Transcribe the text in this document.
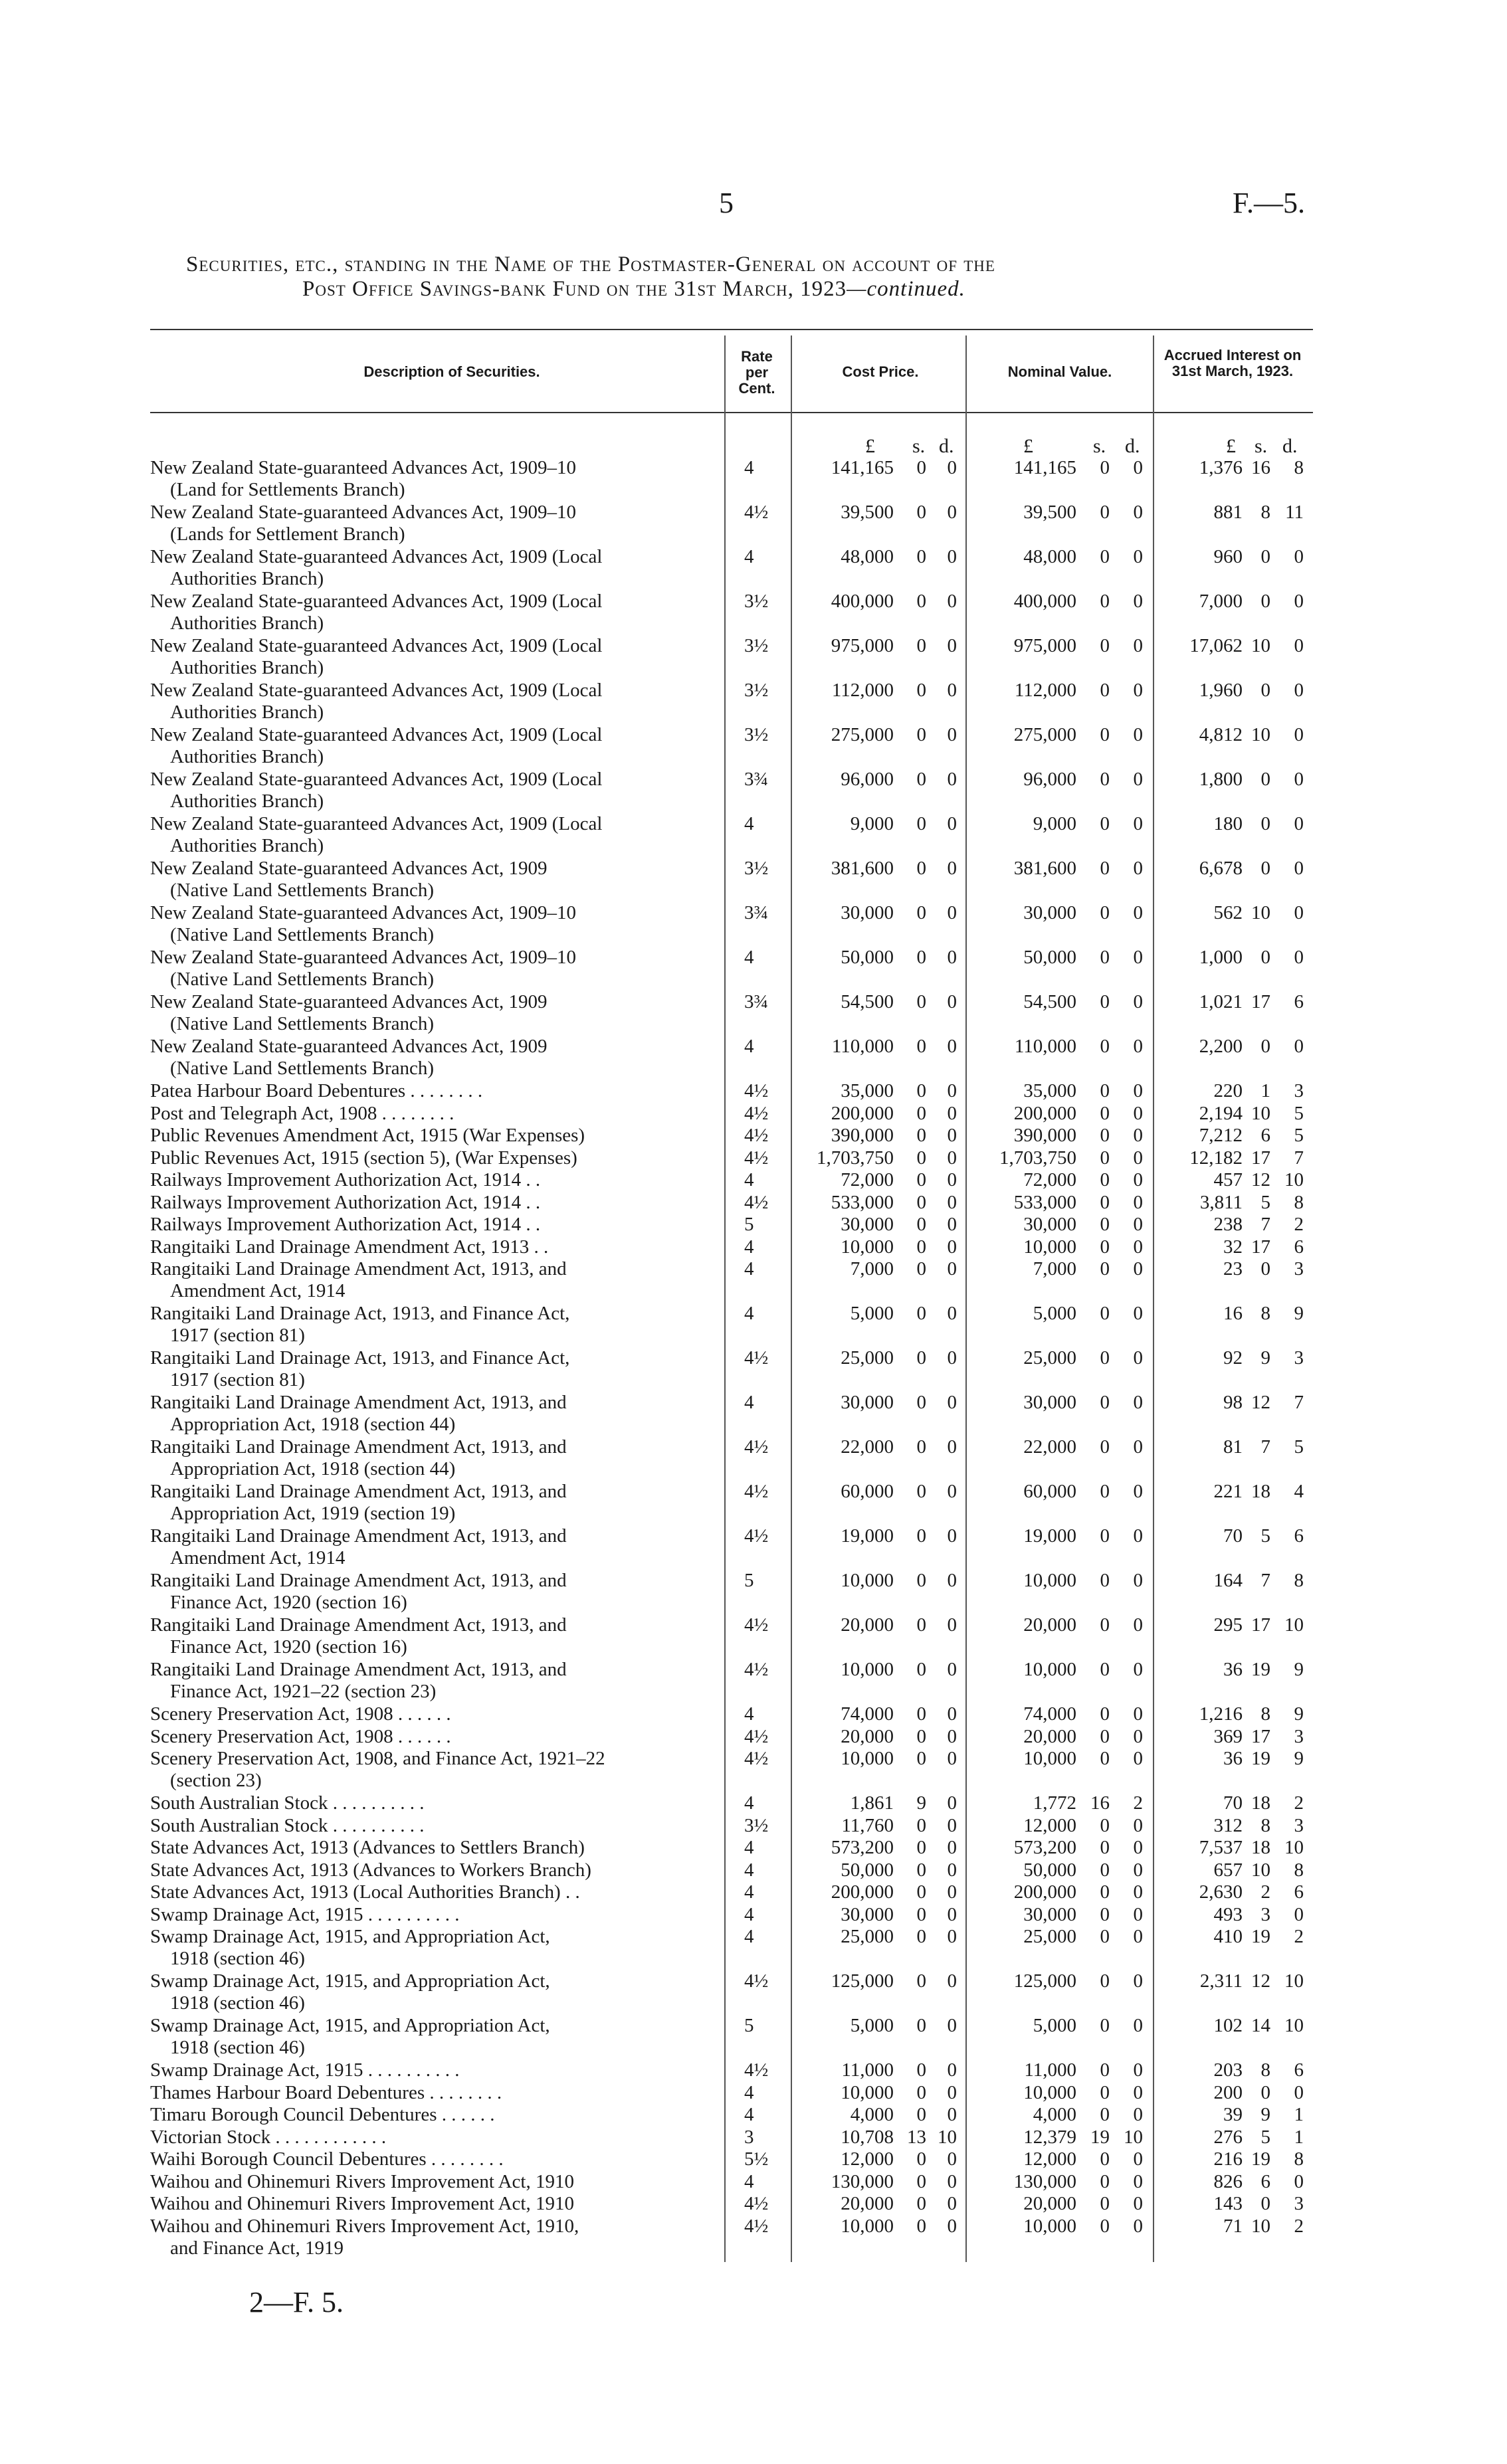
5	F.—5.
Securities, etc., standing in the Name of the Postmaster-General on account of the
Post Office Savings-bank Fund on the 31st March, 1923—continued.
Description of Securities.
Rate per Cent.
Cost Price.	Nominal Value.
Accrued Interest on 31st March, 1923.
£ s. d.	£	s. d.	£ s. d.
New Zealand State-guaranteed Advances Act, 1909–10
(Land for Settlements Branch)
4	141,165	0	0	141,165	0	0	1,376 16	8
New Zealand State-guaranteed Advances Act, 1909–10
(Lands for Settlement Branch)
4½	39,500	0	0	39,500	0	0	881 8 11
New Zealand State-guaranteed Advances Act, 1909 (Local
Authorities Branch)
4	48,000	0	0	48,000	0	0	960 0	0
New Zealand State-guaranteed Advances Act, 1909 (Local
Authorities Branch)
3½	400,000	0	0	400,000	0	0	7,000 0	0
New Zealand State-guaranteed Advances Act, 1909 (Local
Authorities Branch)
3½	975,000	0	0	975,000	0	0	17,062 10	0
New Zealand State-guaranteed Advances Act, 1909 (Local
Authorities Branch)
3½	112,000	0	0	112,000	0	0	1,960 0	0
New Zealand State-guaranteed Advances Act, 1909 (Local
Authorities Branch)
3½	275,000	0	0	275,000	0	0	4,812 10	0
New Zealand State-guaranteed Advances Act, 1909 (Local
Authorities Branch)
3¾	96,000	0	0	96,000	0	0	1,800 0	0
New Zealand State-guaranteed Advances Act, 1909 (Local
Authorities Branch)
4	9,000	0	0	9,000	0	0	180 0	0
New Zealand State-guaranteed Advances Act, 1909
(Native Land Settlements Branch)
3½	381,600	0	0	381,600	0	0	6,678 0	0
New Zealand State-guaranteed Advances Act, 1909–10
(Native Land Settlements Branch)
3¾	30,000	0	0	30,000	0	0	562 10	0
New Zealand State-guaranteed Advances Act, 1909–10
(Native Land Settlements Branch)
4	50,000	0	0	50,000	0	0	1,000 0	0
New Zealand State-guaranteed Advances Act, 1909
(Native Land Settlements Branch)
3¾	54,500	0	0	54,500	0	0	1,021 17	6
New Zealand State-guaranteed Advances Act, 1909
(Native Land Settlements Branch)
4	110,000	0	0	110,000	0	0	2,200 0	0
Patea Harbour Board Debentures . . . . . . . .	4½	35,000	0	0	35,000	0	0	220 1	3
Post and Telegraph Act, 1908 . . . . . . . .	4½	200,000	0	0	200,000	0	0	2,194 10	5
Public Revenues Amendment Act, 1915 (War Expenses)	4½	390,000	0	0	390,000	0	0	7,212 6	5
Public Revenues Act, 1915 (section 5), (War Expenses)	4½	1,703,750	0	0	1,703,750	0	0	12,182 17	7
Railways Improvement Authorization Act, 1914 . .	4	72,000	0	0	72,000	0	0	457 12 10
Railways Improvement Authorization Act, 1914 . .	4½	533,000	0	0	533,000	0	0	3,811 5	8
Railways Improvement Authorization Act, 1914 . .	5	30,000	0	0	30,000	0	0	238 7	2
Rangitaiki Land Drainage Amendment Act, 1913 . .	4	10,000	0	0	10,000	0	0	32 17	6
Rangitaiki Land Drainage Amendment Act, 1913, and
Amendment Act, 1914
4	7,000	0	0	7,000	0	0	23 0	3
Rangitaiki Land Drainage Act, 1913, and Finance Act,
1917 (section 81)
4	5,000	0	0	5,000	0	0	16 8	9
Rangitaiki Land Drainage Act, 1913, and Finance Act,
1917 (section 81)
4½	25,000	0	0	25,000	0	0	92 9	3
Rangitaiki Land Drainage Amendment Act, 1913, and
Appropriation Act, 1918 (section 44)
4	30,000	0	0	30,000	0	0	98 12	7
Rangitaiki Land Drainage Amendment Act, 1913, and
Appropriation Act, 1918 (section 44)
4½	22,000	0	0	22,000	0	0	81 7	5
Rangitaiki Land Drainage Amendment Act, 1913, and
Appropriation Act, 1919 (section 19)
4½	60,000	0	0	60,000	0	0	221 18	4
Rangitaiki Land Drainage Amendment Act, 1913, and
Amendment Act, 1914
4½	19,000	0	0	19,000	0	0	70 5	6
Rangitaiki Land Drainage Amendment Act, 1913, and
Finance Act, 1920 (section 16)
5	10,000	0	0	10,000	0	0	164 7	8
Rangitaiki Land Drainage Amendment Act, 1913, and
Finance Act, 1920 (section 16)
4½	20,000	0	0	20,000	0	0	295 17 10
Rangitaiki Land Drainage Amendment Act, 1913, and
Finance Act, 1921–22 (section 23)
4½	10,000	0	0	10,000	0	0	36 19	9
Scenery Preservation Act, 1908 . . . . . .	4	74,000	0	0	74,000	0	0	1,216 8	9
Scenery Preservation Act, 1908 . . . . . .	4½	20,000	0	0	20,000	0	0	369 17	3
Scenery Preservation Act, 1908, and Finance Act, 1921–22
(section 23)
4½	10,000	0	0	10,000	0	0	36 19	9
South Australian Stock . . . . . . . . . .	4	1,861	9	0	1,772 16	2	70 18	2
South Australian Stock . . . . . . . . . .	3½	11,760	0	0	12,000	0	0	312 8	3
State Advances Act, 1913 (Advances to Settlers Branch)	4	573,200	0	0	573,200	0	0	7,537 18 10
State Advances Act, 1913 (Advances to Workers Branch)	4	50,000	0	0	50,000	0	0	657 10	8
State Advances Act, 1913 (Local Authorities Branch) . .	4	200,000	0	0	200,000	0	0	2,630 2	6
Swamp Drainage Act, 1915 . . . . . . . . . .	4	30,000	0	0	30,000	0	0	493 3	0
Swamp Drainage Act, 1915, and Appropriation Act,
1918 (section 46)
4	25,000	0	0	25,000	0	0	410 19	2
Swamp Drainage Act, 1915, and Appropriation Act,
1918 (section 46)
4½	125,000	0	0	125,000	0	0	2,311 12 10
Swamp Drainage Act, 1915, and Appropriation Act,
1918 (section 46)
5	5,000	0	0	5,000	0	0	102 14 10
Swamp Drainage Act, 1915 . . . . . . . . . .	4½	11,000	0	0	11,000	0	0	203 8	6
Thames Harbour Board Debentures . . . . . . . .	4	10,000	0	0	10,000	0	0	200 0	0
Timaru Borough Council Debentures . . . . . .	4	4,000	0	0	4,000	0	0	39 9	1
Victorian Stock . . . . . . . . . . . .	3	10,708 13 10	12,379 19 10	276 5	1
Waihi Borough Council Debentures . . . . . . . .	5½	12,000	0	0	12,000	0	0	216 19	8
Waihou and Ohinemuri Rivers Improvement Act, 1910	4	130,000	0	0	130,000	0	0	826 6	0
Waihou and Ohinemuri Rivers Improvement Act, 1910	4½	20,000	0	0	20,000	0	0	143 0	3
Waihou and Ohinemuri Rivers Improvement Act, 1910,
and Finance Act, 1919
4½	10,000	0	0	10,000	0	0	71 10	2
2—F. 5.
